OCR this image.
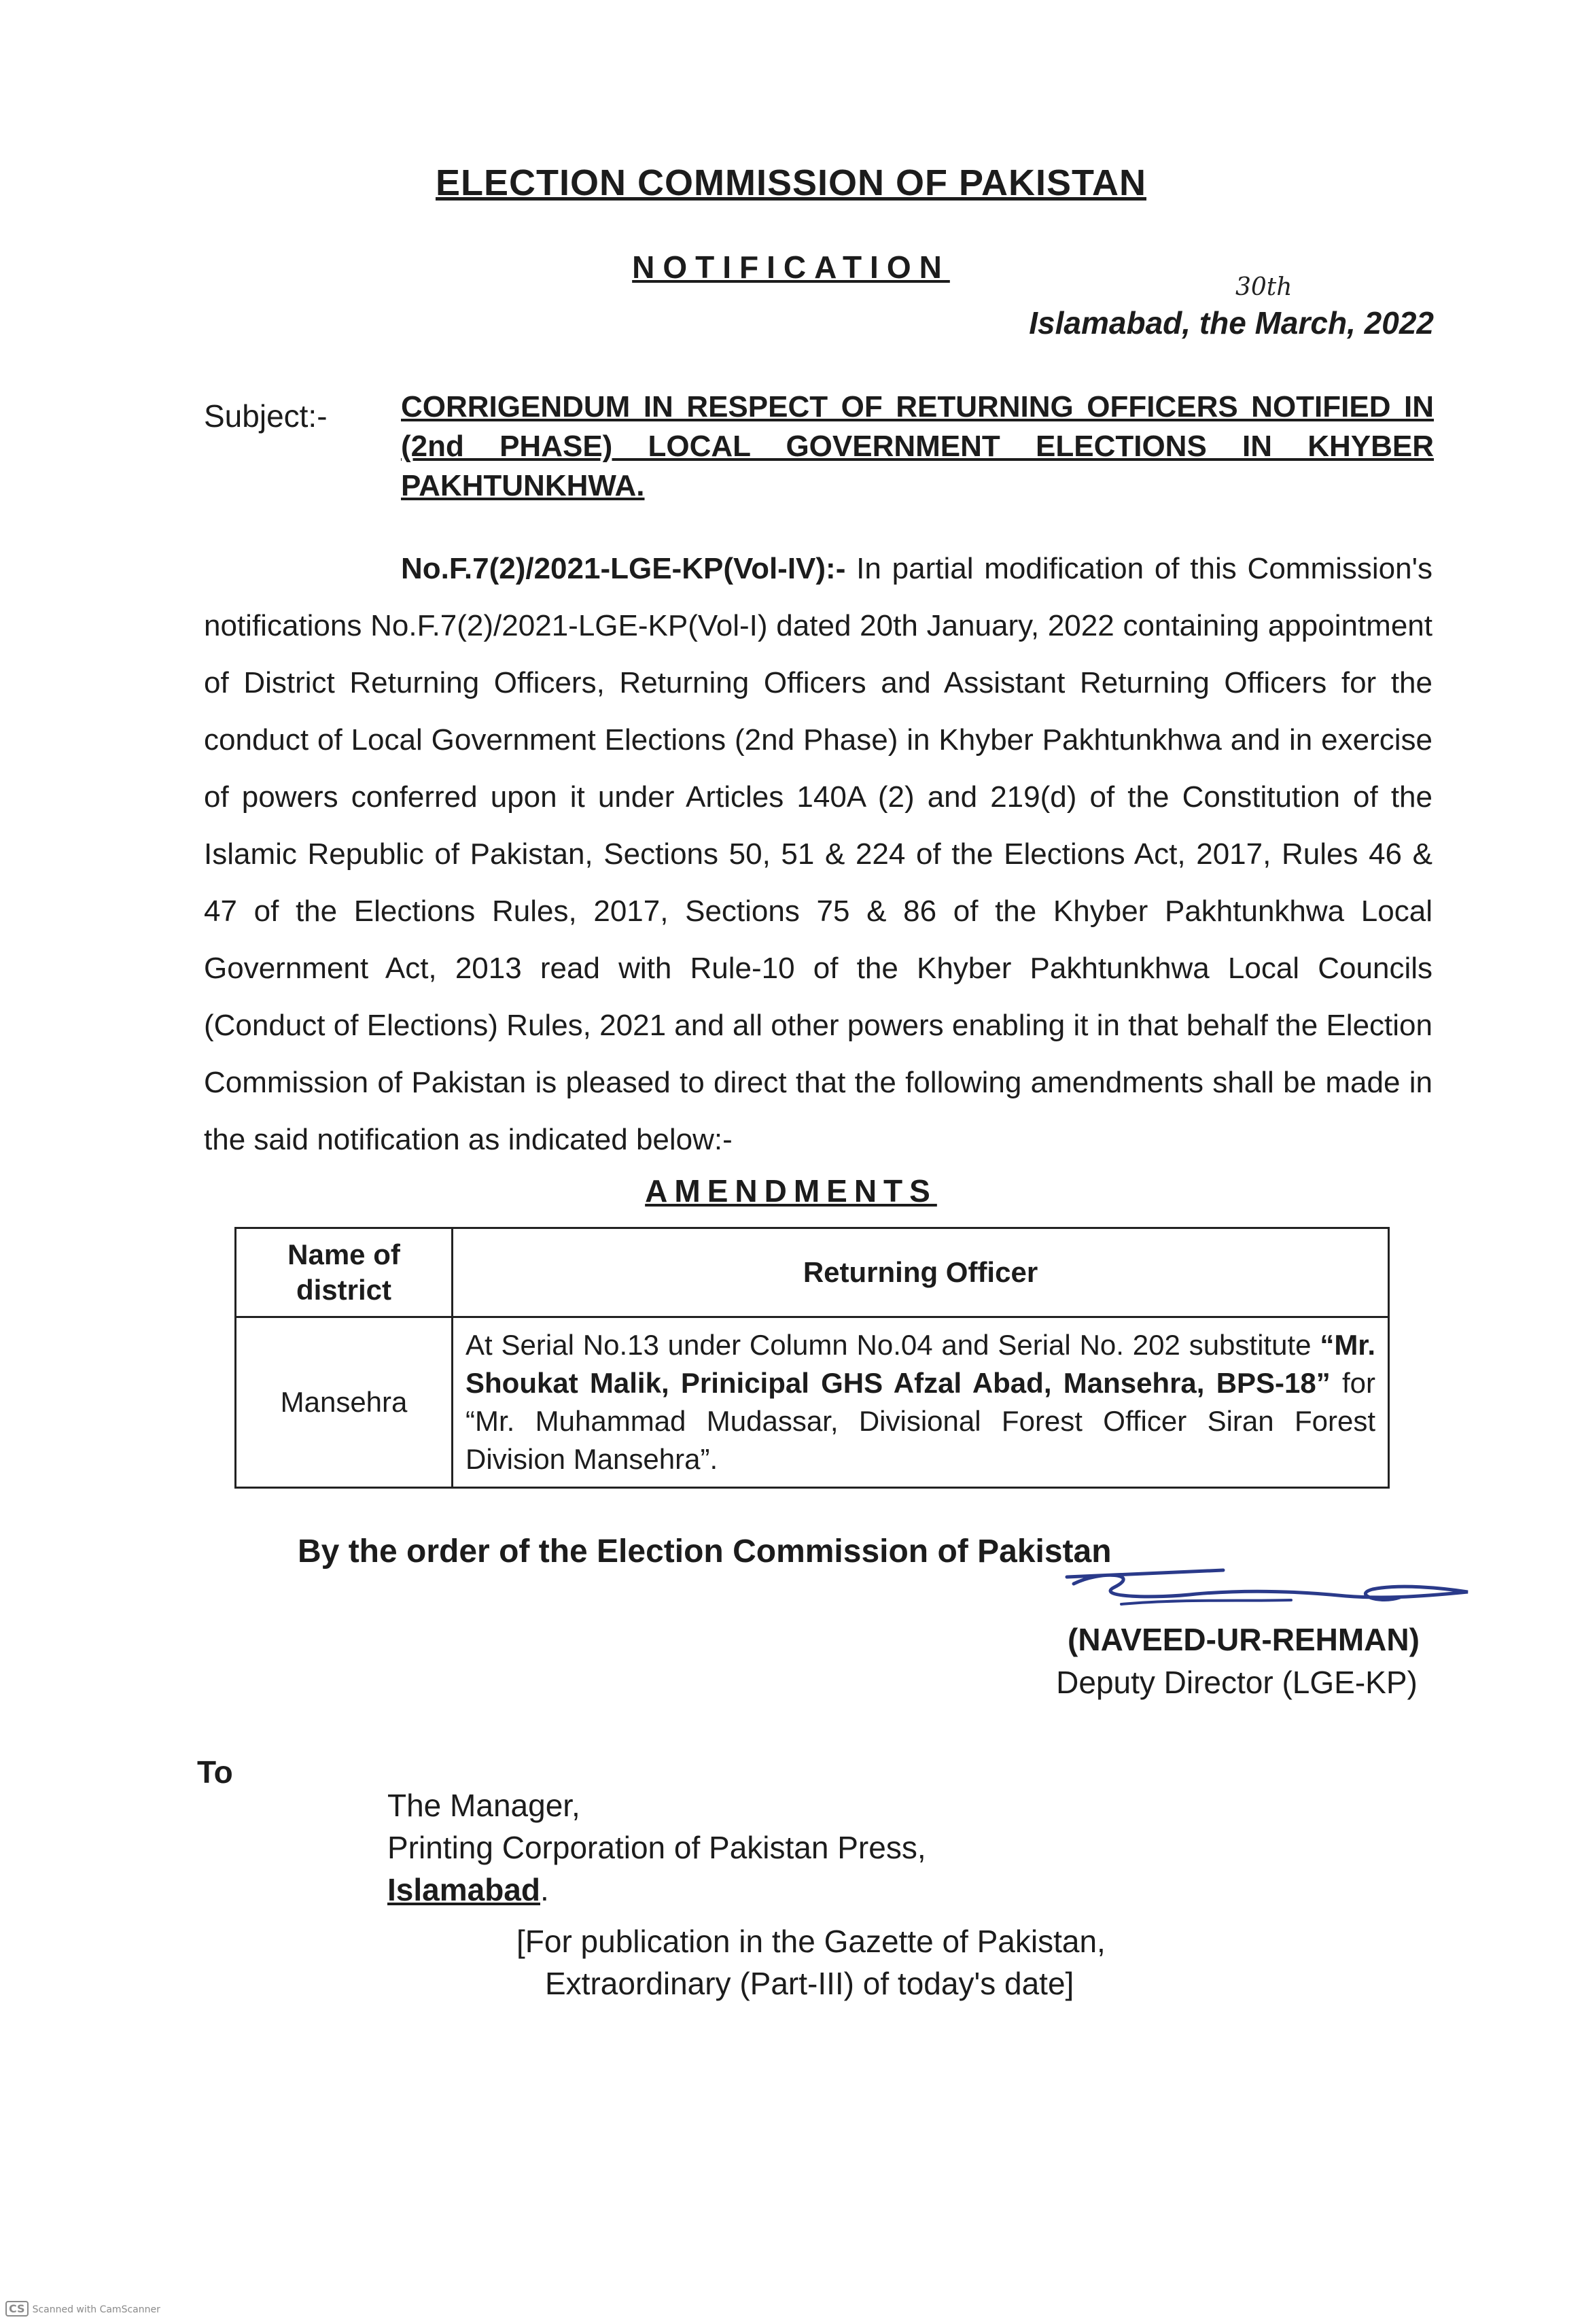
ELECTION COMMISSION OF PAKISTAN
NOTIFICATION
30th
Islamabad, the March, 2022
Subject:- CORRIGENDUM IN RESPECT OF RETURNING OFFICERS NOTIFIED IN (2nd PHASE) LOCAL GOVERNMENT ELECTIONS IN KHYBER PAKHTUNKHWA.

No.F.7(2)/2021-LGE-KP(Vol-IV):- In partial modification of this Commission's notifications No.F.7(2)/2021-LGE-KP(Vol-I) dated 20th January, 2022 containing appointment of District Returning Officers, Returning Officers and Assistant Returning Officers for the conduct of Local Government Elections (2nd Phase) in Khyber Pakhtunkhwa and in exercise of powers conferred upon it under Articles 140A (2) and 219(d) of the Constitution of the Islamic Republic of Pakistan, Sections 50, 51 & 224 of the Elections Act, 2017, Rules 46 & 47 of the Elections Rules, 2017, Sections 75 & 86 of the Khyber Pakhtunkhwa Local Government Act, 2013 read with Rule-10 of the Khyber Pakhtunkhwa Local Councils (Conduct of Elections) Rules, 2021 and all other powers enabling it in that behalf the Election Commission of Pakistan is pleased to direct that the following amendments shall be made in the said notification as indicated below:-

AMENDMENTS
Name of district	Returning Officer
Mansehra	At Serial No.13 under Column No.04 and Serial No. 202 substitute “Mr. Shoukat Malik, Prinicipal GHS Afzal Abad, Mansehra, BPS-18” for “Mr. Muhammad Mudassar, Divisional Forest Officer Siran Forest Division Mansehra”.
By the order of the Election Commission of Pakistan
(NAVEED-UR-REHMAN)
Deputy Director (LGE-KP)
To
The Manager,
Printing Corporation of Pakistan Press,
Islamabad.
[For publication in the Gazette of Pakistan,
Extraordinary (Part-III) of today's date]
CS Scanned with CamScanner
